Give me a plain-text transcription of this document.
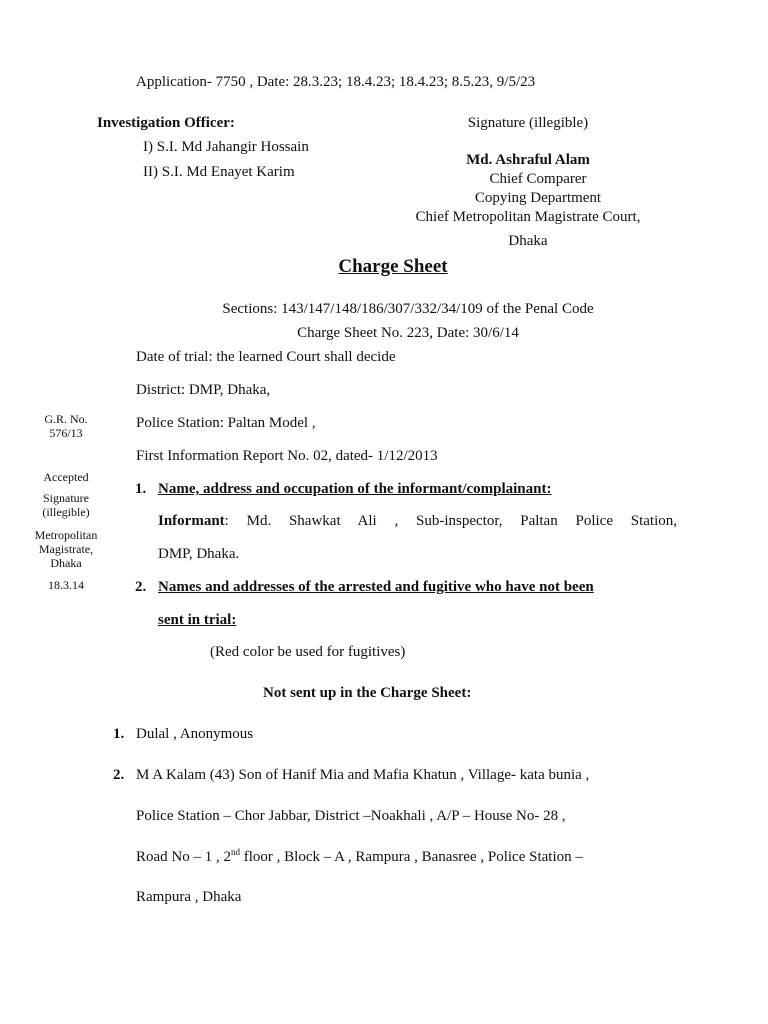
Application- 7750 , Date: 28.3.23; 18.4.23; 18.4.23; 8.5.23, 9/5/23
Investigation Officer:
I) S.I. Md Jahangir Hossain
II) S.I. Md Enayet Karim
Signature (illegible)
Md. Ashraful Alam
Chief Comparer
Copying Department
Chief Metropolitan Magistrate Court,
Dhaka
Charge Sheet
Sections: 143/147/148/186/307/332/34/109 of the Penal Code
Charge Sheet No. 223, Date: 30/6/14
Date of trial: the learned Court shall decide
District: DMP, Dhaka,
Police Station: Paltan Model ,
First Information Report No. 02, dated- 1/12/2013
G.R. No.
576/13
Accepted
Signature
(illegible)
Metropolitan
Magistrate,
Dhaka
18.3.14
1. Name, address and occupation of the informant/complainant:
Informant: Md. Shawkat Ali , Sub-inspector, Paltan Police Station,
DMP, Dhaka.
2. Names and addresses of the arrested and fugitive who have not been
sent in trial:
(Red color be used for fugitives)
Not sent up in the Charge Sheet:
1. Dulal , Anonymous
2. M A Kalam (43) Son of Hanif Mia and Mafia Khatun , Village- kata bunia ,
Police Station – Chor Jabbar, District –Noakhali , A/P – House No- 28 ,
Road No – 1 , 2nd floor , Block – A , Rampura , Banasree , Police Station –
Rampura , Dhaka
